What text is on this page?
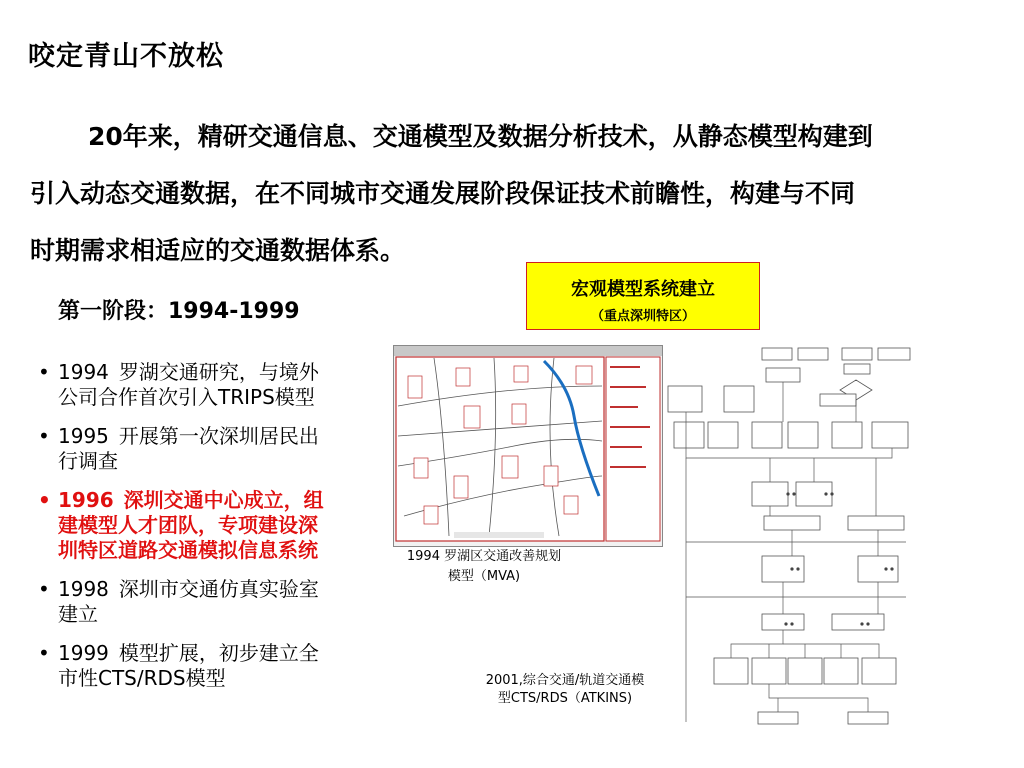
咬定青山不放松
20年来，精研交通信息、交通模型及数据分析技术，从静态模型构建到
引入动态交通数据，在不同城市交通发展阶段保证技术前瞻性，构建与不同
时期需求相适应的交通数据体系。
第一阶段：1994-1999
• 1994 罗湖交通研究，与境外
公司合作首次引入TRIPS模型
• 1995 开展第一次深圳居民出
行调查
• 1996 深圳交通中心成立，组
建模型人才团队，专项建设深
圳特区道路交通模拟信息系统
• 1998 深圳市交通仿真实验室
建立
• 1999 模型扩展，初步建立全
市性CTS/RDS模型
宏观模型系统建立
（重点深圳特区）
1994 罗湖区交通改善规划
模型（MVA)
2001,综合交通/轨道交通模
型CTS/RDS（ATKINS)
